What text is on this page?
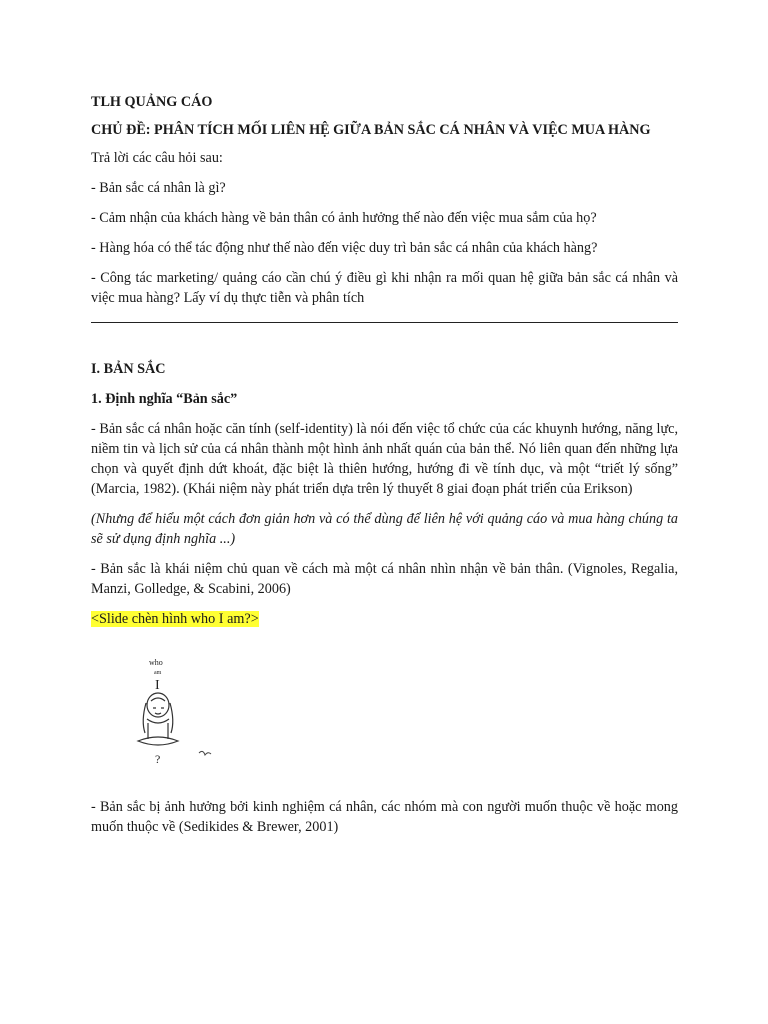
TLH QUẢNG CÁO

CHỦ ĐỀ: PHÂN TÍCH MỐI LIÊN HỆ GIỮA BẢN SẮC CÁ NHÂN VÀ VIỆC MUA HÀNG

Trả lời các câu hỏi sau:

- Bản sắc cá nhân là gì?

- Cảm nhận của khách hàng về bản thân có ảnh hưởng thế nào đến việc mua sắm của họ?

- Hàng hóa có thể tác động như thế nào đến việc duy trì bản sắc cá nhân của khách hàng?

- Công tác marketing/ quảng cáo cần chú ý điều gì khi nhận ra mối quan hệ giữa bản sắc cá nhân và việc mua hàng? Lấy ví dụ thực tiễn và phân tích

I. BẢN SẮC

1. Định nghĩa “Bản sắc”

- Bản sắc cá nhân hoặc căn tính (self-identity) là nói đến việc tổ chức của các khuynh hướng, năng lực, niềm tin và lịch sử của cá nhân thành một hình ảnh nhất quán của bản thể. Nó liên quan đến những lựa chọn và quyết định dứt khoát, đặc biệt là thiên hướng, hướng đi về tính dục, và một “triết lý sống” (Marcia, 1982). (Khái niệm này phát triển dựa trên lý thuyết 8 giai đoạn phát triển của Erikson)

(Nhưng để hiểu một cách đơn giản hơn và có thể dùng để liên hệ với quảng cáo và mua hàng chúng ta sẽ sử dụng định nghĩa ...)

- Bản sắc là khái niệm chủ quan về cách mà một cá nhân nhìn nhận về bản thân. (Vignoles, Regalia, Manzi, Golledge, & Scabini, 2006)

<Slide chèn hình who I am?>

who
am
I
?

- Bản sắc bị ảnh hưởng bởi kinh nghiệm cá nhân, các nhóm mà con người muốn thuộc về hoặc mong muốn thuộc về (Sedikides & Brewer, 2001)
